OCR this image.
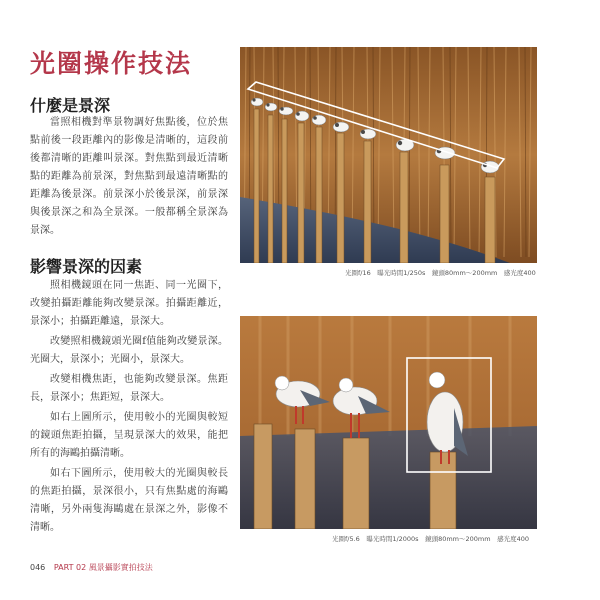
光圈操作技法
什麼是景深

當照相機對準景物調好焦點後，位於焦點前後一段距離內的影像是清晰的，這段前後都清晰的距離叫景深。對焦點到最近清晰點的距離為前景深，對焦點到最遠清晰點的距離為後景深。前景深小於後景深，前景深與後景深之和為全景深。一般都稱全景深為景深。

影響景深的因素

照相機鏡頭在同一焦距、同一光圈下，改變拍攝距離能夠改變景深。拍攝距離近，景深小；拍攝距離遠，景深大。

改變照相機鏡頭光圈f值能夠改變景深。光圈大，景深小；光圈小，景深大。

改變相機焦距，也能夠改變景深。焦距長，景深小；焦距短，景深大。

如右上圖所示，使用較小的光圈與較短的鏡頭焦距拍攝，呈現景深大的效果，能把所有的海鷗拍攝清晰。

如右下圖所示，使用較大的光圈與較長的焦距拍攝，景深很小，只有焦點處的海鷗清晰，另外兩隻海鷗處在景深之外，影像不清晰。

光圈f/16　曝光時間1/250s　鏡頭80mm〜200mm　感光度400
光圈f/5.6　曝光時間1/2000s　鏡頭80mm〜200mm　感光度400
046 PART 02 風景攝影實拍技法
